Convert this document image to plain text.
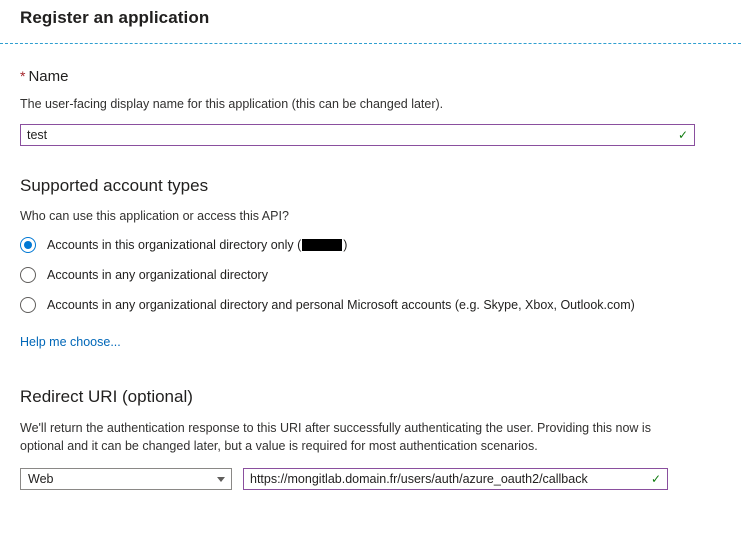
Register an application
* Name
The user-facing display name for this application (this can be changed later).
test
✓
Supported account types
Who can use this application or access this API?
Accounts in this organizational directory only (	)
Accounts in any organizational directory
Accounts in any organizational directory and personal Microsoft accounts (e.g. Skype, Xbox, Outlook.com)
Help me choose...
Redirect URI (optional)
We'll return the authentication response to this URI after successfully authenticating the user. Providing this now is optional and it can be changed later, but a value is required for most authentication scenarios.
Web
https://mongitlab.domain.fr/users/auth/azure_oauth2/callback	✓
